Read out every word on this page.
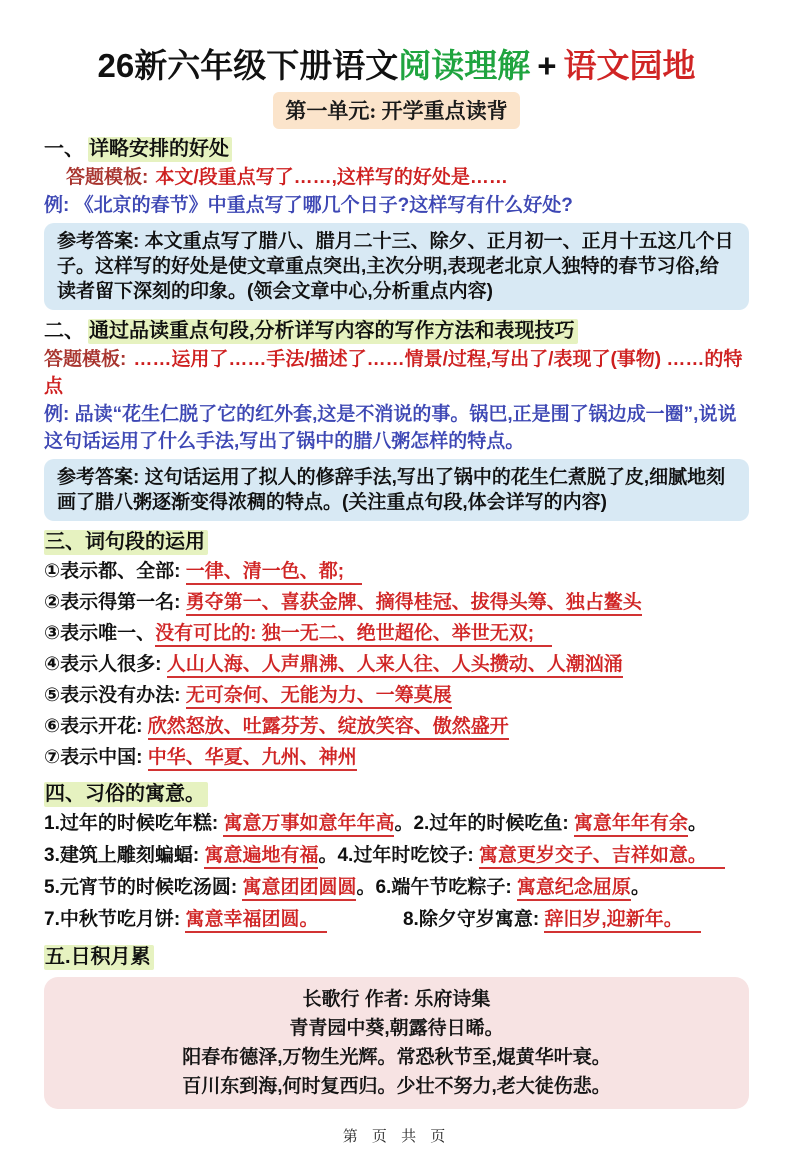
26新六年级下册语文阅读理解 + 语文园地
第一单元: 开学重点读背
一、 详略安排的好处
答题模板: 本文/段重点写了……,这样写的好处是……
例: 《北京的春节》中重点写了哪几个日子?这样写有什么好处?
参考答案: 本文重点写了腊八、腊月二十三、除夕、正月初一、正月十五这几个日子。这样写的好处是使文章重点突出,主次分明,表现老北京人独特的春节习俗,给读者留下深刻的印象。(领会文章中心,分析重点内容)
二、 通过品读重点句段,分析详写内容的写作方法和表现技巧
答题模板: ……运用了……手法/描述了……情景/过程,写出了/表现了(事物) ……的特点
例: 品读“花生仁脱了它的红外套,这是不消说的事。锅巴,正是围了锅边成一圈”,说说这句话运用了什么手法,写出了锅中的腊八粥怎样的特点。
参考答案: 这句话运用了拟人的修辞手法,写出了锅中的花生仁煮脱了皮,细腻地刻画了腊八粥逐渐变得浓稠的特点。(关注重点句段,体会详写的内容)
三、词句段的运用
①表示都、全部: 一律、清一色、都;
②表示得第一名: 勇夺第一、喜获金牌、摘得桂冠、拔得头筹、独占鳌头
③表示唯一、没有可比的: 独一无二、绝世超伦、举世无双;
④表示人很多: 人山人海、人声鼎沸、人来人往、人头攒动、人潮汹涌
⑤表示没有办法: 无可奈何、无能为力、一筹莫展
⑥表示开花: 欣然怒放、吐露芬芳、绽放笑容、傲然盛开
⑦表示中国: 中华、华夏、九州、神州
四、习俗的寓意。
1.过年的时候吃年糕: 寓意万事如意年年高。2.过年的时候吃鱼: 寓意年年有余。
3.建筑上雕刻蝙蝠: 寓意遍地有福。4.过年时吃饺子: 寓意更岁交子、吉祥如意。
5.元宵节的时候吃汤圆: 寓意团团圆圆。6.端午节吃粽子: 寓意纪念屈原。
7.中秋节吃月饼: 寓意幸福团圆。　　　　8.除夕守岁寓意: 辞旧岁,迎新年。
五.日积月累
长歌行 作者: 乐府诗集
青青园中葵,朝露待日晞。
阳春布德泽,万物生光辉。常恐秋节至,焜黄华叶衰。
百川东到海,何时复西归。少壮不努力,老大徒伤悲。
第 页 共 页
